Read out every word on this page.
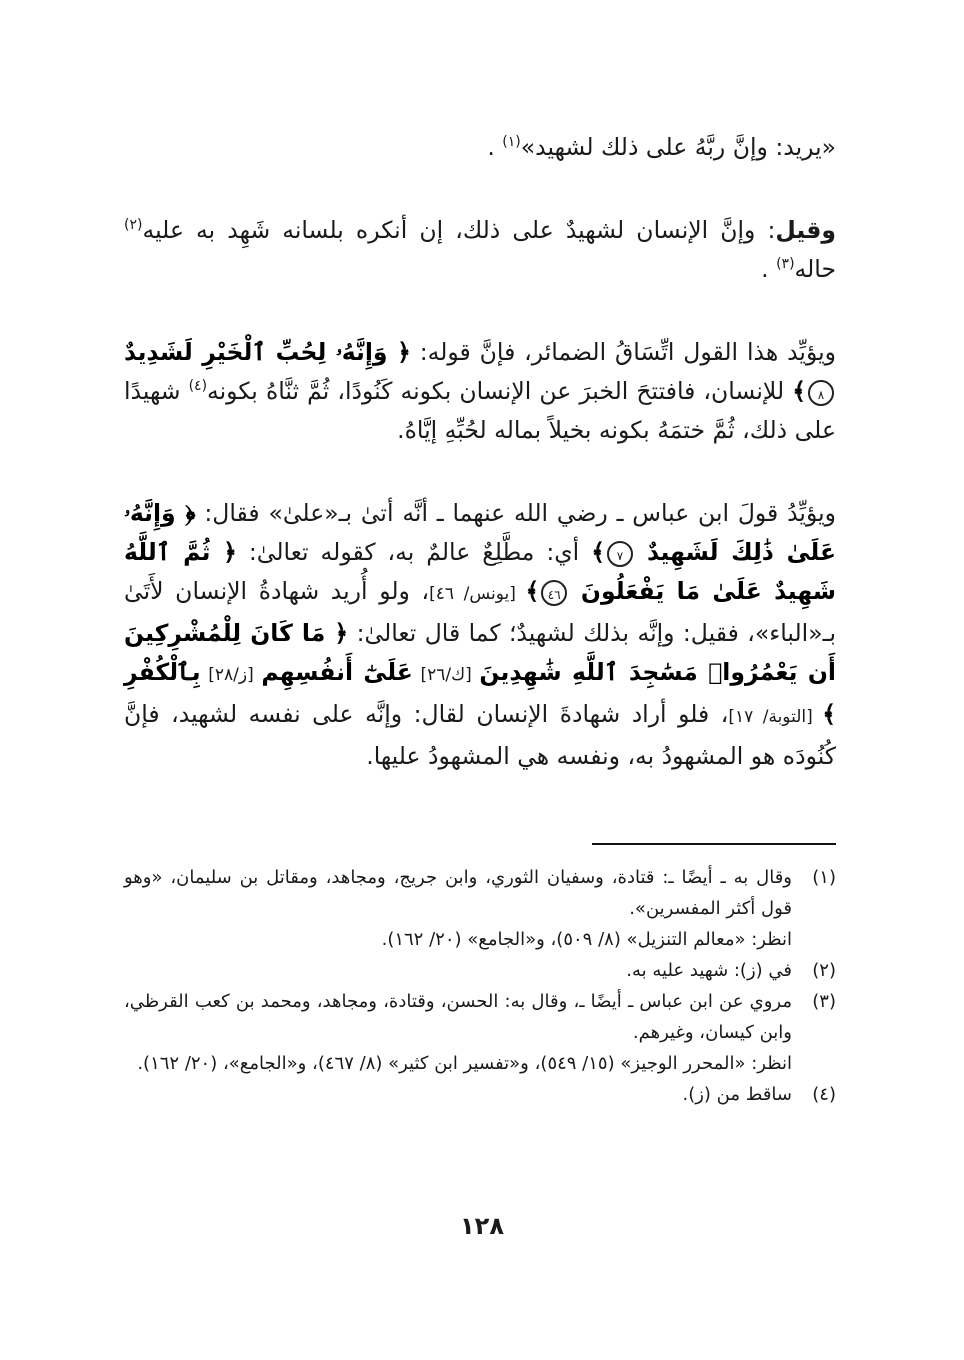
«يريد: وإنَّ ربَّهُ على ذلك لشهيد»$^{(١)}$ .

وقيل: وإنَّ الإنسان لشهيدٌ على ذلك، إن أنكره بلسانه شَهِد به عليه$^{(٢)}$ حاله$^{(٣)}$ .

ويؤيِّد هذا القول اتِّسَاقُ الضمائر، فإنَّ قوله: ﴿ وَإِنَّهُۥ لِحُبِّ ٱلْخَيْرِ لَشَدِيدٌ ٨﴾ للإنسان، فافتتحَ الخبرَ عن الإنسان بكونه كَنُودًا، ثُمَّ ثنَّاهُ بكونه$^{(٤)}$ شهيدًا على ذلك، ثُمَّ ختمَهُ بكونه بخيلاً بماله لحُبِّهِ إيَّاهُ.

ويؤيِّدُ قولَ ابن عباس ـ رضي الله عنهما ـ أنَّه أتىٰ بـ«علىٰ» فقال: ﴿ وَإِنَّهُۥ عَلَىٰ ذَٰلِكَ لَشَهِيدٌ ٧﴾ أي: مطَّلِعٌ عالمٌ به، كقوله تعالىٰ: ﴿ ثُمَّ ٱللَّهُ شَهِيدٌ عَلَىٰ مَا يَفْعَلُونَ ٤٦﴾ [يونس/ ٤٦]، ولو أُريد شهادةُ الإنسان لأَتَىٰ بـ«الباء»، فقيل: وإنَّه بذلك لشهيدٌ؛ كما قال تعالىٰ: ﴿ مَا كَانَ لِلْمُشْرِكِينَ أَن يَعْمُرُوا۟ مَسَٰجِدَ ٱللَّهِ شَٰهِدِينَ [ك/٢٦] عَلَىٰٓ أَنفُسِهِم [ز/٢٨] بِٱلْكُفْرِ ﴾ [التوبة/ ١٧]، فلو أراد شهادةَ الإنسان لقال: وإنَّه على نفسه لشهيد، فإنَّ كُنُودَه هو المشهودُ به، ونفسه هي المشهودُ عليها.

(١)
وقال به ـ أيضًا ـ: قتادة، وسفيان الثوري، وابن جريج، ومجاهد، ومقاتل بن سليمان، «وهو قول أكثر المفسرين».
انظر: «معالم التنزيل» (٨/ ٥٠٩)، و«الجامع» (٢٠/ ١٦٢).
(٢)
في (ز): شهيد عليه به.
(٣)
مروي عن ابن عباس ـ أيضًا ـ، وقال به: الحسن، وقتادة، ومجاهد، ومحمد بن كعب القرظي، وابن كيسان، وغيرهم.
انظر: «المحرر الوجيز» (١٥/ ٥٤٩)، و«تفسير ابن كثير» (٨/ ٤٦٧)، و«الجامع»، (٢٠/ ١٦٢).
(٤)
ساقط من (ز).
١٢٨
